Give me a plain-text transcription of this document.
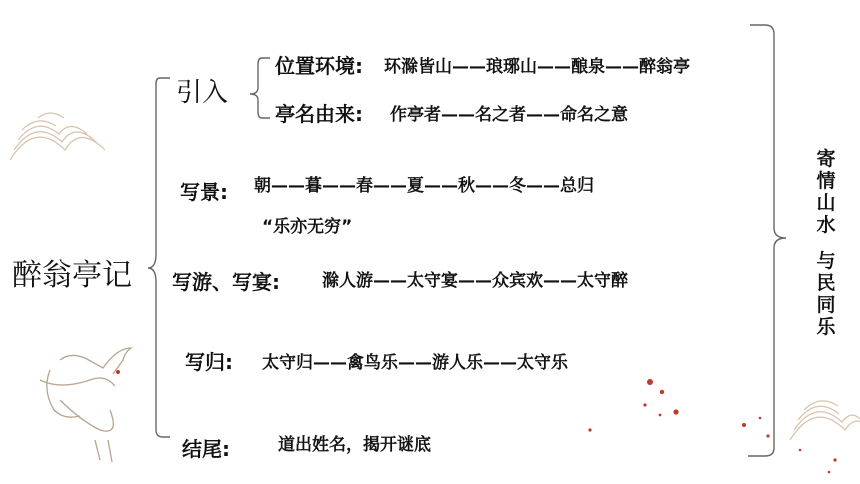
醉翁亭记
引入
位置环境: 环滁皆山——琅琊山——酿泉——醉翁亭
亭名由来: 作亭者——名之者——命名之意
写景: 朝——暮——春——夏——秋——冬——总归
“乐亦无穷”
写游、写宴: 滁人游——太守宴——众宾欢——太守醉
写归: 太守归——禽鸟乐——游人乐——太守乐
结尾:	道出姓名，揭开谜底
寄
情
山
水
与
民
同
乐
